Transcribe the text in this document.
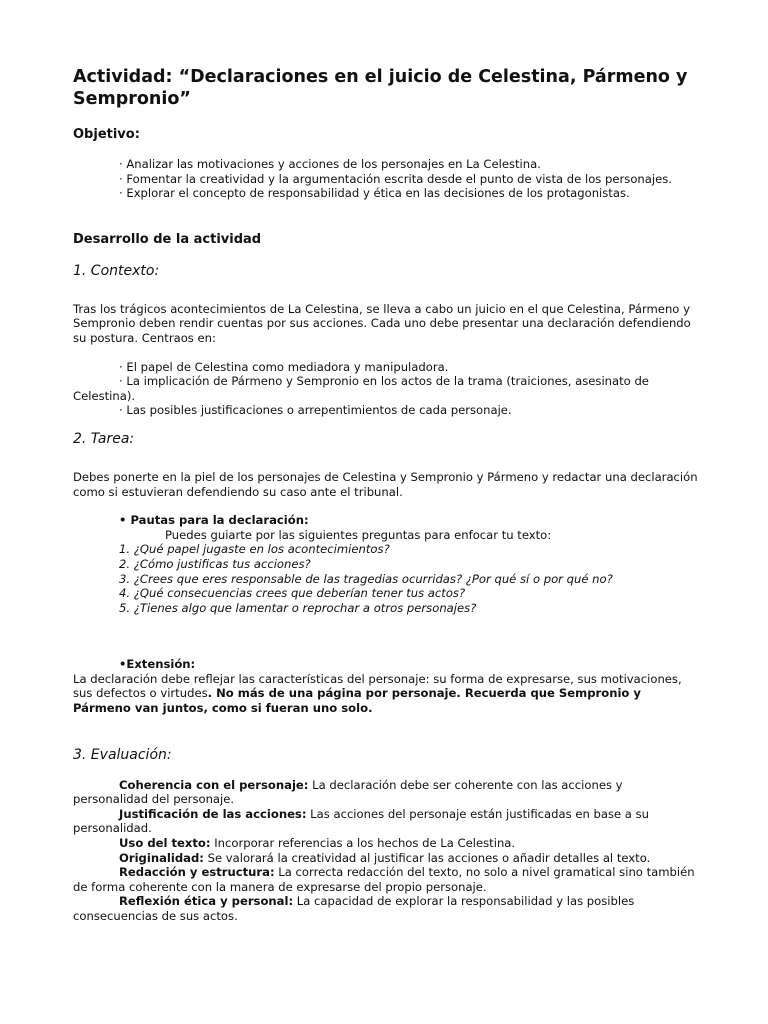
Actividad: “Declaraciones en el juicio de Celestina, Pármeno y Sempronio”
Objetivo:

· Analizar las motivaciones y acciones de los personajes en La Celestina.

· Fomentar la creatividad y la argumentación escrita desde el punto de vista de los personajes.

· Explorar el concepto de responsabilidad y ética en las decisiones de los protagonistas.

Desarrollo de la actividad
1. Contexto:

Tras los trágicos acontecimientos de La Celestina, se lleva a cabo un juicio en el que Celestina, Pármeno y Sempronio deben rendir cuentas por sus acciones. Cada uno debe presentar una declaración defendiendo su postura. Centraos en:

· El papel de Celestina como mediadora y manipuladora.

· La implicación de Pármeno y Sempronio en los actos de la trama (traiciones, asesinato de Celestina).

· Las posibles justificaciones o arrepentimientos de cada personaje.

2. Tarea:

Debes ponerte en la piel de los personajes de Celestina y Sempronio y Pármeno y redactar una declaración como si estuvieran defendiendo su caso ante el tribunal.

• Pautas para la declaración:

Puedes guiarte por las siguientes preguntas para enfocar tu texto:

1. ¿Qué papel jugaste en los acontecimientos?

2. ¿Cómo justificas tus acciones?

3. ¿Crees que eres responsable de las tragedias ocurridas? ¿Por qué sí o por qué no?

4. ¿Qué consecuencias crees que deberían tener tus actos?

5. ¿Tienes algo que lamentar o reprochar a otros personajes?

•Extensión:

La declaración debe reflejar las características del personaje: su forma de expresarse, sus motivaciones, sus defectos o virtudes. No más de una página por personaje. Recuerda que Sempronio y Pármeno van juntos, como si fueran uno solo.

3. Evaluación:

Coherencia con el personaje: La declaración debe ser coherente con las acciones y personalidad del personaje.

Justificación de las acciones: Las acciones del personaje están justificadas en base a su personalidad.

Uso del texto: Incorporar referencias a los hechos de La Celestina.

Originalidad: Se valorará la creatividad al justificar las acciones o añadir detalles al texto.

Redacción y estructura: La correcta redacción del texto, no solo a nivel gramatical sino también de forma coherente con la manera de expresarse del propio personaje.

Reflexión ética y personal: La capacidad de explorar la responsabilidad y las posibles consecuencias de sus actos.
